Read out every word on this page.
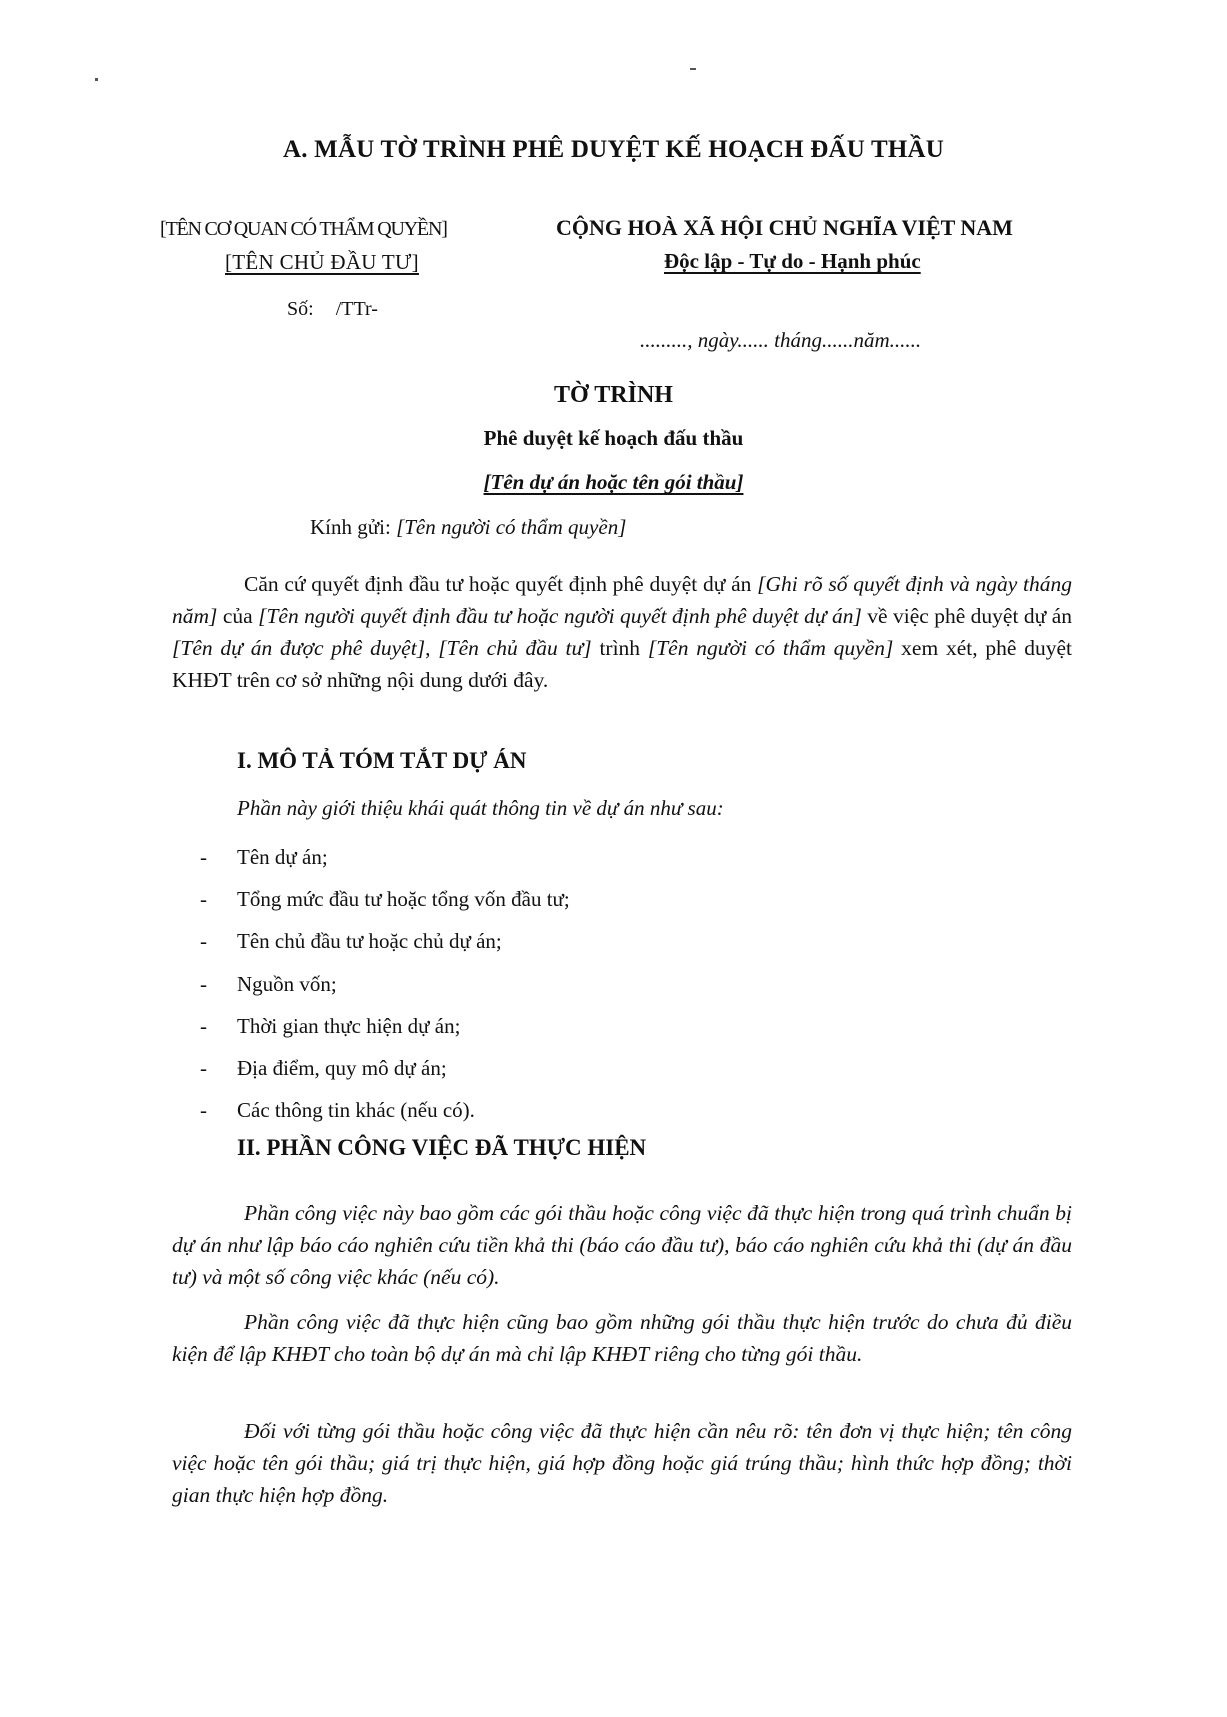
A. MẪU TỜ TRÌNH PHÊ DUYỆT KẾ HOẠCH ĐẤU THẦU
[TÊN CƠ QUAN CÓ THẨM QUYỀN]
[TÊN CHỦ ĐẦU TƯ]
CỘNG HOÀ XÃ HỘI CHỦ NGHĨA VIỆT NAM
Độc lập - Tự do - Hạnh phúc
Số: /TTr-
........., ngày...... tháng......năm......
TỜ TRÌNH
Phê duyệt kế hoạch đấu thầu
[Tên dự án hoặc tên gói thầu]
Kính gửi: [Tên người có thẩm quyền]

Căn cứ quyết định đầu tư hoặc quyết định phê duyệt dự án [Ghi rõ số quyết định và ngày tháng năm] của [Tên người quyết định đầu tư hoặc người quyết định phê duyệt dự án] về việc phê duyệt dự án [Tên dự án được phê duyệt], [Tên chủ đầu tư] trình [Tên người có thẩm quyền] xem xét, phê duyệt KHĐT trên cơ sở những nội dung dưới đây.

I. MÔ TẢ TÓM TẮT DỰ ÁN
Phần này giới thiệu khái quát thông tin về dự án như sau:
- Tên dự án;
- Tổng mức đầu tư hoặc tổng vốn đầu tư;
- Tên chủ đầu tư hoặc chủ dự án;
- Nguồn vốn;
- Thời gian thực hiện dự án;
- Địa điểm, quy mô dự án;
- Các thông tin khác (nếu có).
II. PHẦN CÔNG VIỆC ĐÃ THỰC HIỆN

Phần công việc này bao gồm các gói thầu hoặc công việc đã thực hiện trong quá trình chuẩn bị dự án như lập báo cáo nghiên cứu tiền khả thi (báo cáo đầu tư), báo cáo nghiên cứu khả thi (dự án đầu tư) và một số công việc khác (nếu có).

Phần công việc đã thực hiện cũng bao gồm những gói thầu thực hiện trước do chưa đủ điều kiện để lập KHĐT cho toàn bộ dự án mà chỉ lập KHĐT riêng cho từng gói thầu.

Đối với từng gói thầu hoặc công việc đã thực hiện cần nêu rõ: tên đơn vị thực hiện; tên công việc hoặc tên gói thầu; giá trị thực hiện, giá hợp đồng hoặc giá trúng thầu; hình thức hợp đồng; thời gian thực hiện hợp đồng.
